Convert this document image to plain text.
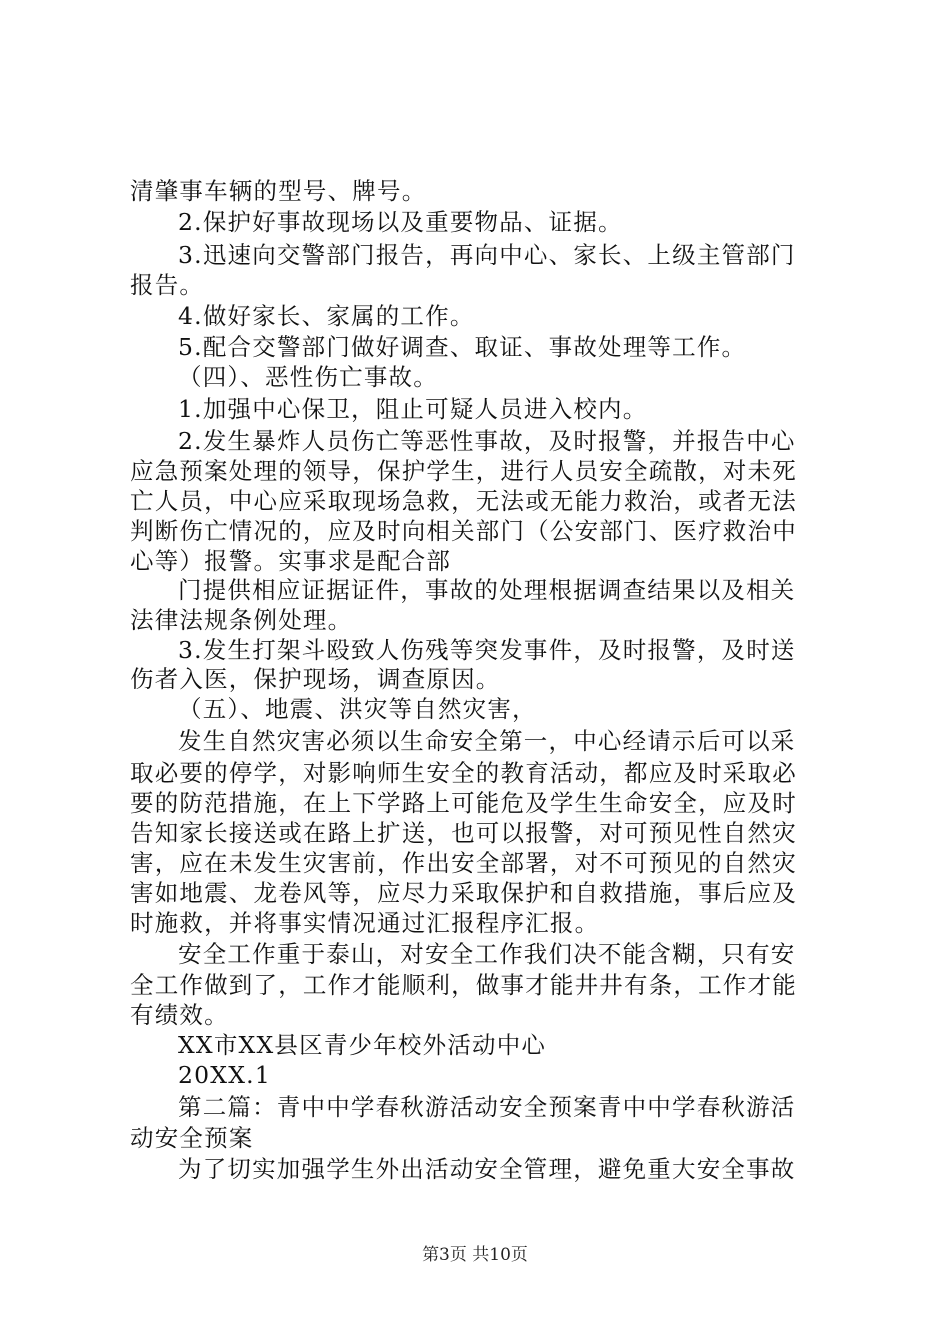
清肇事车辆的型号、牌号。
2.保护好事故现场以及重要物品、证据。
3.迅速向交警部门报告，再向中心、家长、上级主管部门
报告。
4.做好家长、家属的工作。
5.配合交警部门做好调查、取证、事故处理等工作。
（四）、恶性伤亡事故。
1.加强中心保卫，阻止可疑人员进入校内。
2.发生暴炸人员伤亡等恶性事故，及时报警，并报告中心
应急预案处理的领导，保护学生，进行人员安全疏散，对未死
亡人员，中心应采取现场急救，无法或无能力救治，或者无法
判断伤亡情况的，应及时向相关部门（公安部门、医疗救治中
心等）报警。实事求是配合部
门提供相应证据证件，事故的处理根据调查结果以及相关
法律法规条例处理。
3.发生打架斗殴致人伤残等突发事件，及时报警，及时送
伤者入医，保护现场，调查原因。
（五）、地震、洪灾等自然灾害，
发生自然灾害必须以生命安全第一，中心经请示后可以采
取必要的停学，对影响师生安全的教育活动，都应及时采取必
要的防范措施，在上下学路上可能危及学生生命安全，应及时
告知家长接送或在路上扩送，也可以报警，对可预见性自然灾
害，应在未发生灾害前，作出安全部署，对不可预见的自然灾
害如地震、龙卷风等，应尽力采取保护和自救措施，事后应及
时施救，并将事实情况通过汇报程序汇报。
安全工作重于泰山，对安全工作我们决不能含糊，只有安
全工作做到了，工作才能顺利，做事才能井井有条，工作才能
有绩效。
XX市XX县区青少年校外活动中心
20XX.1
第二篇：青中中学春秋游活动安全预案青中中学春秋游活
动安全预案
为了切实加强学生外出活动安全管理，避免重大安全事故
第3页 共10页
